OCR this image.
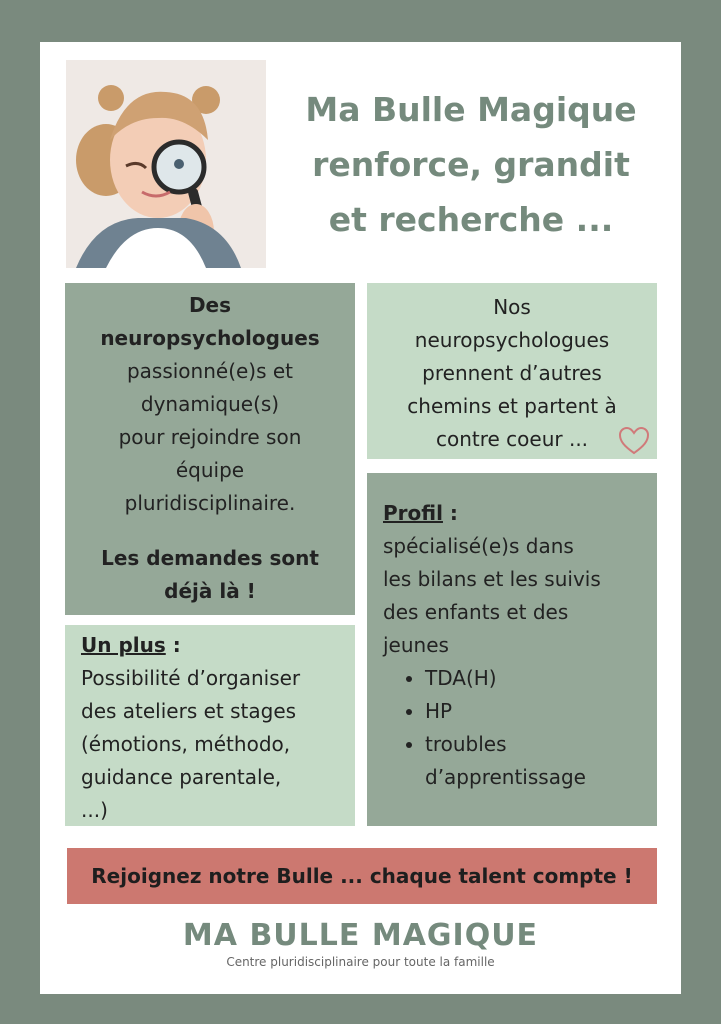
Ma Bulle Magique
renforce, grandit
et recherche ...
Des
neuropsychologues
passionné(e)s et
dynamique(s)
pour rejoindre son
équipe
pluridisciplinaire.
Les demandes sont
déjà là !
Nos
neuropsychologues
prennent d’autres
chemins et partent à
contre coeur ...
Profil :
spécialisé(e)s dans
les bilans et les suivis
des enfants et des
jeunes
• TDA(H)
• HP
• troubles d’apprentissage
Un plus :
Possibilité d’organiser
des ateliers et stages
(émotions, méthodo,
guidance parentale,
...)
Rejoignez notre Bulle ... chaque talent compte !
MA BULLE MAGIQUE
Centre pluridisciplinaire pour toute la famille
